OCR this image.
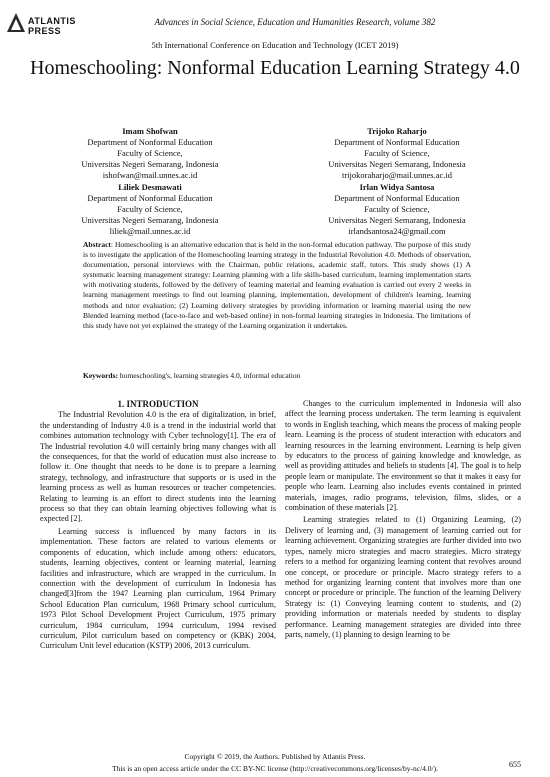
ATLANTIS
PRESS
Advances in Social Science, Education and Humanities Research, volume 382
5th International Conference on Education and Technology (ICET 2019)
Homeschooling: Nonformal Education Learning Strategy 4.0
Imam Shofwan
Department of Nonformal Education
Faculty of Science,
Universitas Negeri Semarang, Indonesia
ishofwan@mail.unnes.ac.id
Trijoko Raharjo
Department of Nonformal Education
Faculty of Science,
Universitas Negeri Semarang, Indonesia
trijokoraharjo@mail.unnes.ac.id
Liliek Desmawati
Department of Nonformal Education
Faculty of Science,
Universitas Negeri Semarang, Indonesia
liliek@mail.unnes.ac.id
Irlan Widya Santosa
Department of Nonformal Education
Faculty of Science,
Universitas Negeri Semarang, Indonesia
irlandsantosa24@gmail.com
Abstract: Homeschooling is an alternative education that is held in the non-formal education pathway. The purpose of this study is to investigate the application of the Homeschooling learning strategy in the Industrial Revolution 4.0. Methods of observation, documentation, personal interviews with the Chairman, public relations, academic staff, tutors. This study shows (1) A systematic learning management strategy: Learning planning with a life skills-based curriculum, learning implementation starts with motivating students, followed by the delivery of learning material and learning evaluation is carried out every 2 weeks in learning management meetings to find out learning planning, implementation, development of children's learning, learning methods and tutor evaluation; (2) Learning delivery strategies by providing information or learning material using the new Blended learning method (face-to-face and web-based online) in non-formal learning strategies in Indonesia. The limitations of this study have not yet explained the strategy of the Learning organization it undertakes.
Keywords: homeschooling's, learning strategies 4.0, informal education

1. INTRODUCTION

The Industrial Revolution 4.0 is the era of digitalization, in brief, the understanding of Industry 4.0 is a trend in the industrial world that combines automation technology with Cyber technology[1]. The era of The Industrial revolution 4.0 will certainly bring many changes with all the consequences, for that the world of education must also increase to follow it. One thought that needs to be done is to prepare a learning strategy, technology, and infrastructure that supports or is used in the learning process as well as human resources or teacher competencies. Relating to learning is an effort to direct students into the learning process so that they can obtain learning objectives following what is expected [2].

Learning success is influenced by many factors in its implementation. These factors are related to various elements or components of education, which include among others: educators, students, learning objectives, content or learning material, learning facilities and infrastructure, which are wrapped in the curriculum. In connection with the development of curriculum In Indonesia has changed[3]from the 1947 Learning plan curriculum, 1964 Primary School Education Plan curriculum, 1968 Primary school curriculum, 1973 Pilot School Development Project Curriculum, 1975 primary curriculum, 1984 curriculum, 1994 curriculum, 1994 revised curriculum, Pilot curriculum based on competency or (KBK) 2004, Curriculum Unit level education (KSTP) 2006, 2013 curriculum.

Changes to the curriculum implemented in Indonesia will also affect the learning process undertaken. The term learning is equivalent to words in English teaching, which means the process of making people learn. Learning is the process of student interaction with educators and learning resources in the learning environment. Learning is help given by educators to the process of gaining knowledge and knowledge, as well as providing attitudes and beliefs to students [4]. The goal is to help people learn or manipulate. The environment so that it makes it easy for people who learn. Learning also includes events contained in printed materials, images, radio programs, television, films, slides, or a combination of these materials [2].

Learning strategies related to (1) Organizing Learning, (2) Delivery of learning and, (3) management of learning carried out for learning achievement. Organizing strategies are further divided into two types, namely micro strategies and macro strategies. Micro strategy refers to a method for organizing learning content that revolves around one concept, or procedure or principle. Macro strategy refers to a method for organizing learning content that involves more than one concept or procedure or principle. The function of the learning Delivery Strategy is: (1) Conveying learning content to students, and (2) providing information or materials needed by students to display performance. Learning management strategies are divided into three parts, namely, (1) planning to design learning to be

Copyright © 2019, the Authors. Published by Atlantis Press.
This is an open access article under the CC BY-NC license (http://creativecommons.org/licenses/by-nc/4.0/).	655
